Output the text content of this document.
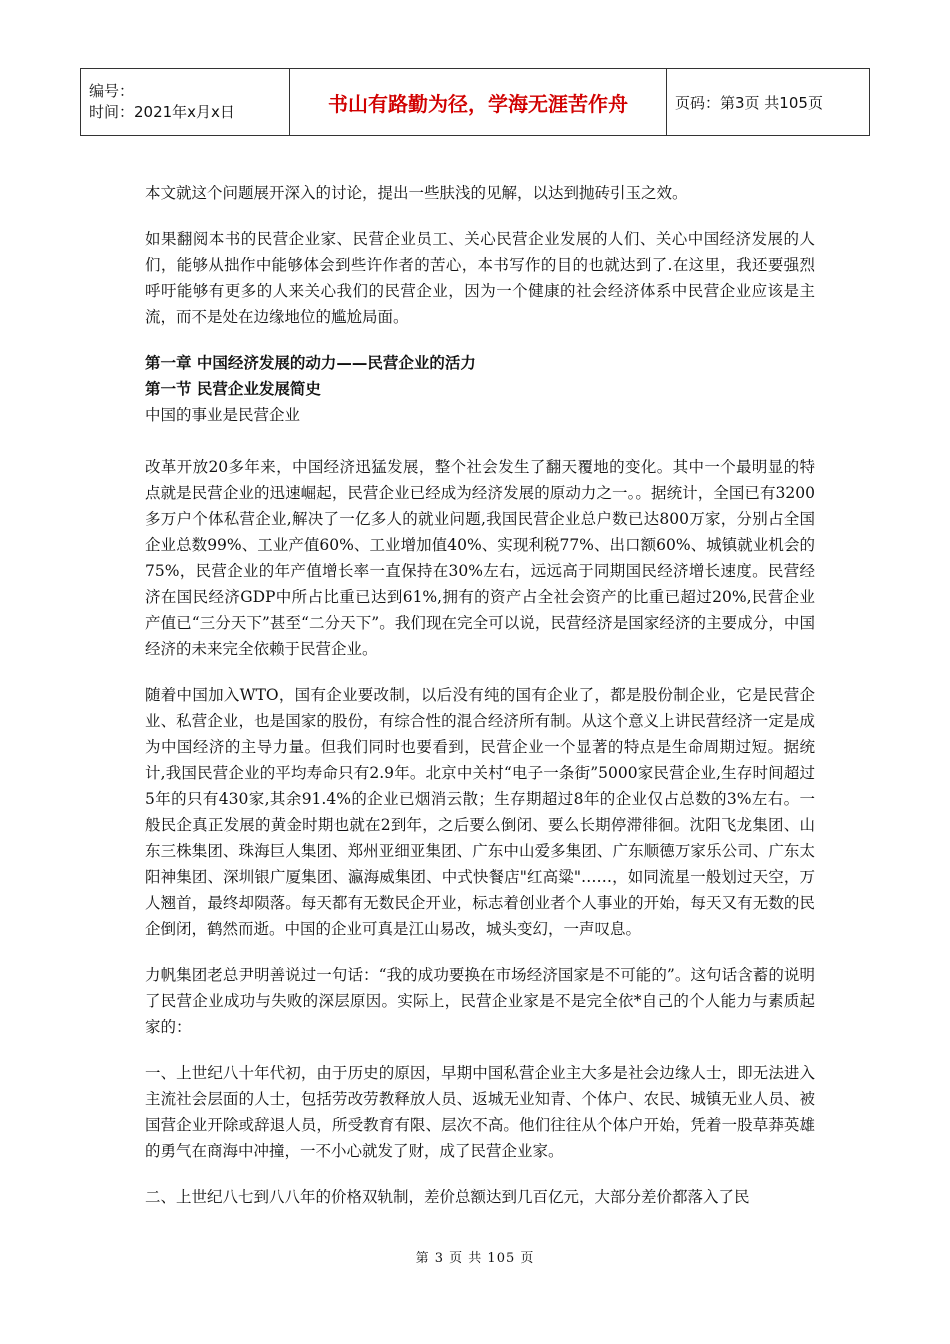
编号：
时间：2021年x月x日	书山有路勤为径，学海无涯苦作舟	页码：第3页 共105页

本文就这个问题展开深入的讨论，提出一些肤浅的见解，以达到抛砖引玉之效。

如果翻阅本书的民营企业家、民营企业员工、关心民营企业发展的人们、关心中国经济发展的人们，能够从拙作中能够体会到些许作者的苦心，本书写作的目的也就达到了.在这里，我还要强烈呼吁能够有更多的人来关心我们的民营企业，因为一个健康的社会经济体系中民营企业应该是主流，而不是处在边缘地位的尴尬局面。

第一章 中国经济发展的动力——民营企业的活力

第一节 民营企业发展简史

中国的事业是民营企业

改革开放20多年来，中国经济迅猛发展，整个社会发生了翻天覆地的变化。其中一个最明显的特点就是民营企业的迅速崛起，民营企业已经成为经济发展的原动力之一。。据统计，全国已有3200多万户个体私营企业,解决了一亿多人的就业问题,我国民营企业总户数已达800万家，分别占全国企业总数99%、工业产值60%、工业增加值40%、实现利税77%、出口额60%、城镇就业机会的75%，民营企业的年产值增长率一直保持在30%左右，远远高于同期国民经济增长速度。民营经济在国民经济GDP中所占比重已达到61%,拥有的资产占全社会资产的比重已超过20%,民营企业产值已“三分天下”甚至“二分天下”。我们现在完全可以说，民营经济是国家经济的主要成分，中国经济的未来完全依赖于民营企业。

随着中国加入WTO，国有企业要改制，以后没有纯的国有企业了，都是股份制企业，它是民营企业、私营企业，也是国家的股份，有综合性的混合经济所有制。从这个意义上讲民营经济一定是成为中国经济的主导力量。但我们同时也要看到，民营企业一个显著的特点是生命周期过短。据统计,我国民营企业的平均寿命只有2.9年。北京中关村“电子一条街”5000家民营企业,生存时间超过5年的只有430家,其余91.4%的企业已烟消云散；生存期超过8年的企业仅占总数的3%左右。一般民企真正发展的黄金时期也就在2到年，之后要么倒闭、要么长期停滞徘徊。沈阳飞龙集团、山东三株集团、珠海巨人集团、郑州亚细亚集团、广东中山爱多集团、广东顺德万家乐公司、广东太阳神集团、深圳银广厦集团、瀛海威集团、中式快餐店"红高粱"……，如同流星一般划过天空，万人翘首，最终却陨落。每天都有无数民企开业，标志着创业者个人事业的开始，每天又有无数的民企倒闭，鹤然而逝。中国的企业可真是江山易改，城头变幻，一声叹息。

力帆集团老总尹明善说过一句话：“我的成功要换在市场经济国家是不可能的”。这句话含蓄的说明了民营企业成功与失败的深层原因。实际上，民营企业家是不是完全依*自己的个人能力与素质起家的：

一、上世纪八十年代初，由于历史的原因，早期中国私营企业主大多是社会边缘人士，即无法进入主流社会层面的人士，包括劳改劳教释放人员、返城无业知青、个体户、农民、城镇无业人员、被国营企业开除或辞退人员，所受教育有限、层次不高。他们往往从个体户开始，凭着一股草莽英雄的勇气在商海中冲撞，一不小心就发了财，成了民营企业家。

二、上世纪八七到八八年的价格双轨制，差价总额达到几百亿元，大部分差价都落入了民

第 3 页 共 105 页
